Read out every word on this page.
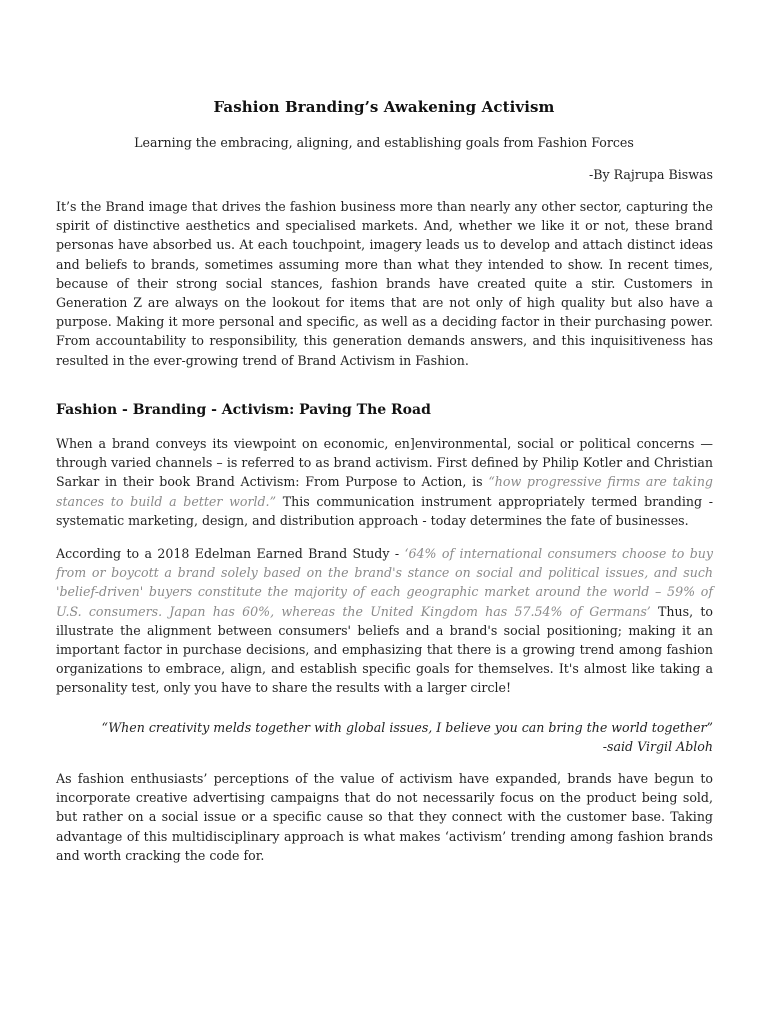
Fashion Branding’s Awakening Activism
Learning the embracing, aligning, and establishing goals from Fashion Forces
-By Rajrupa Biswas

It’s the Brand image that drives the fashion business more than nearly any other sector, capturing the spirit of distinctive aesthetics and specialised markets. And, whether we like it or not, these brand personas have absorbed us. At each touchpoint, imagery leads us to develop and attach distinct ideas and beliefs to brands, sometimes assuming more than what they intended to show. In recent times, because of their strong social stances, fashion brands have created quite a stir. Customers in Generation Z are always on the lookout for items that are not only of high quality but also have a purpose. Making it more personal and specific, as well as a deciding factor in their purchasing power. From accountability to responsibility, this generation demands answers, and this inquisitiveness has resulted in the ever-growing trend of Brand Activism in Fashion.

Fashion - Branding - Activism: Paving The Road

When a brand conveys its viewpoint on economic, en]environmental, social or political concerns — through varied channels – is referred to as brand activism. First defined by Philip Kotler and Christian Sarkar in their book Brand Activism: From Purpose to Action, is “how progressive firms are taking stances to build a better world.” This communication instrument appropriately termed branding - systematic marketing, design, and distribution approach - today determines the fate of businesses.

According to a 2018 Edelman Earned Brand Study - ‘64% of international consumers choose to buy from or boycott a brand solely based on the brand's stance on social and political issues, and such 'belief-driven' buyers constitute the majority of each geographic market around the world – 59% of U.S. consumers. Japan has 60%, whereas the United Kingdom has 57.54% of Germans’ Thus, to illustrate the alignment between consumers' beliefs and a brand's social positioning; making it an important factor in purchase decisions, and emphasizing that there is a growing trend among fashion organizations to embrace, align, and establish specific goals for themselves. It's almost like taking a personality test, only you have to share the results with a larger circle!

“When creativity melds together with global issues, I believe you can bring the world together”
-said Virgil Abloh

As fashion enthusiasts’ perceptions of the value of activism have expanded, brands have begun to incorporate creative advertising campaigns that do not necessarily focus on the product being sold, but rather on a social issue or a specific cause so that they connect with the customer base. Taking advantage of this multidisciplinary approach is what makes ‘activism’ trending among fashion brands and worth cracking the code for.
